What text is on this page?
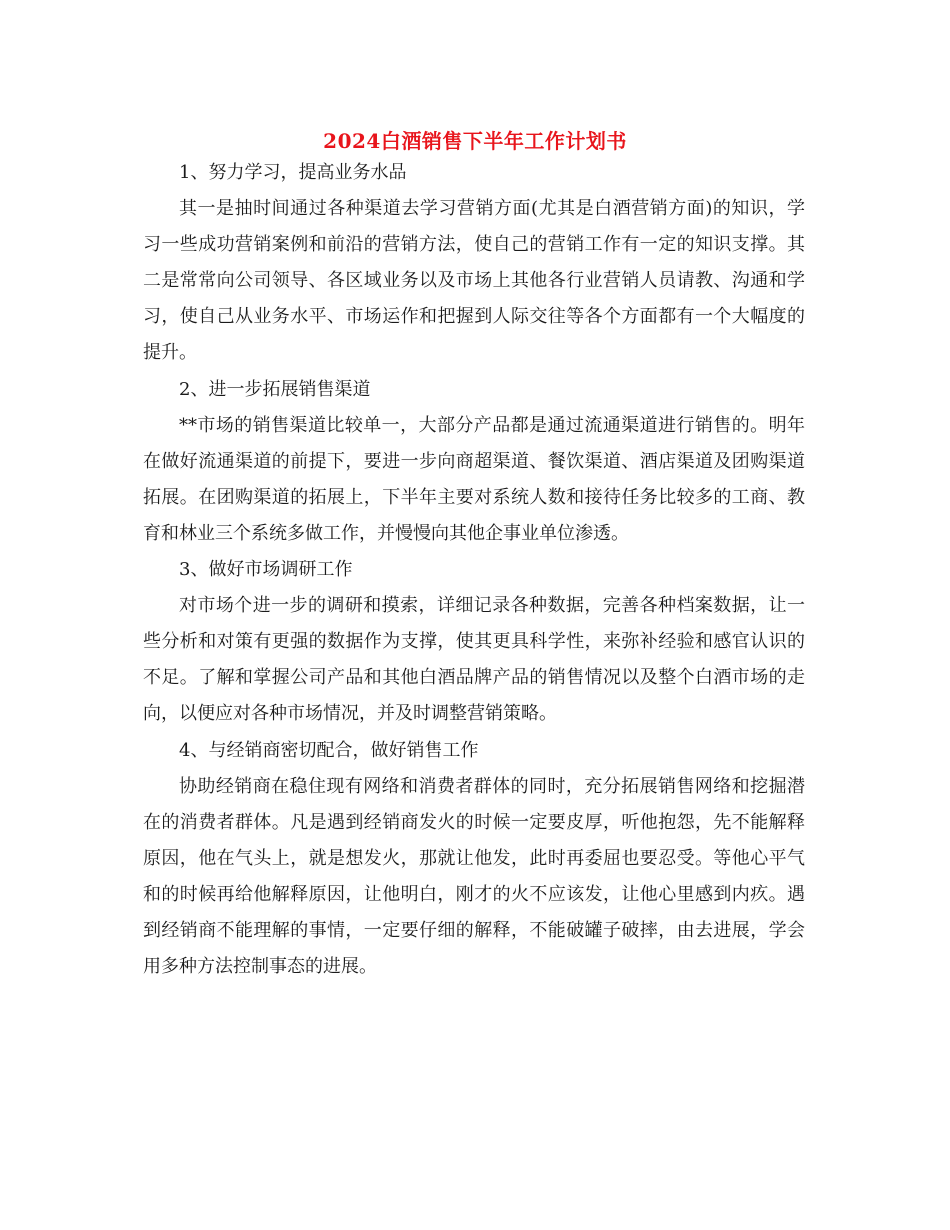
2024白酒销售下半年工作计划书

1、努力学习，提高业务水品

其一是抽时间通过各种渠道去学习营销方面(尤其是白酒营销方面)的知识，学习一些成功营销案例和前沿的营销方法，使自己的营销工作有一定的知识支撑。其二是常常向公司领导、各区域业务以及市场上其他各行业营销人员请教、沟通和学习，使自己从业务水平、市场运作和把握到人际交往等各个方面都有一个大幅度的提升。

2、进一步拓展销售渠道

**市场的销售渠道比较单一，大部分产品都是通过流通渠道进行销售的。明年在做好流通渠道的前提下，要进一步向商超渠道、餐饮渠道、酒店渠道及团购渠道拓展。在团购渠道的拓展上，下半年主要对系统人数和接待任务比较多的工商、教育和林业三个系统多做工作，并慢慢向其他企事业单位渗透。

3、做好市场调研工作

对市场个进一步的调研和摸索，详细记录各种数据，完善各种档案数据，让一些分析和对策有更强的数据作为支撑，使其更具科学性，来弥补经验和感官认识的不足。了解和掌握公司产品和其他白酒品牌产品的销售情况以及整个白酒市场的走向，以便应对各种市场情况，并及时调整营销策略。

4、与经销商密切配合，做好销售工作

协助经销商在稳住现有网络和消费者群体的同时，充分拓展销售网络和挖掘潜在的消费者群体。凡是遇到经销商发火的时候一定要皮厚，听他抱怨，先不能解释原因，他在气头上，就是想发火，那就让他发，此时再委屈也要忍受。等他心平气和的时候再给他解释原因，让他明白，刚才的火不应该发，让他心里感到内疚。遇到经销商不能理解的事情，一定要仔细的解释，不能破罐子破摔，由去进展，学会用多种方法控制事态的进展。
